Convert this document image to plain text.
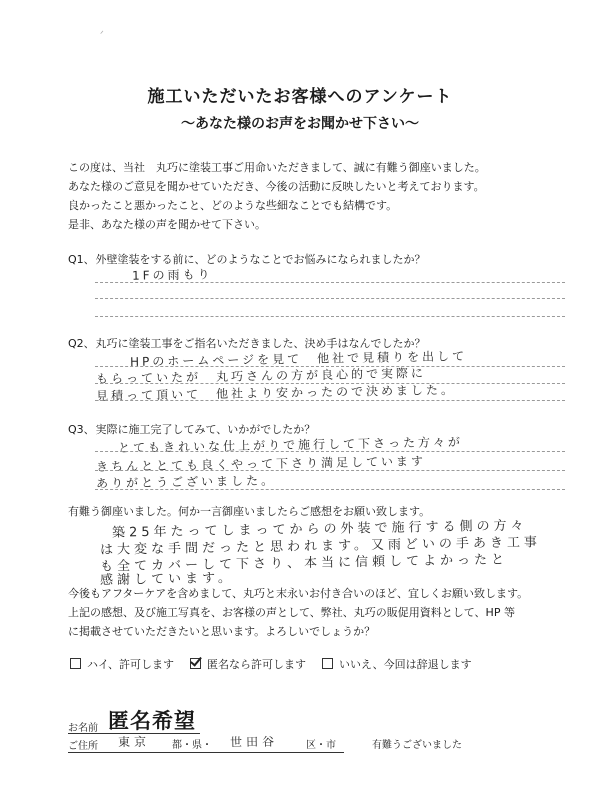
ᐟ
施工いただいたお客様へのアンケート
～あなた様のお声をお聞かせ下さい～
この度は、当社　丸巧に塗装工事ご用命いただきまして、誠に有難う御座いました。
あなた様のご意見を聞かせていただき、今後の活動に反映したいと考えております。
良かったこと悪かったこと、どのような些細なことでも結構です。
是非、あなた様の声を聞かせて下さい。
Q1、 外壁塗装をする前に、どのようなことでお悩みになられましたか？
1Fの雨もり
Q2、 丸巧に塗装工事をご指名いただきました、決め手はなんでしたか？
HPのホームページを見て　他社で見積りを出して
もらっていたが　丸巧さんの方が良心的で実際に
見積って頂いて　他社より安かったので決めました。
Q3、 実際に施工完了してみて、いかがでしたか？
とてもきれいな仕上がりで施行して下さった方々が
きちんととても良くやって下さり満足しています
ありがとうございました。
有難う御座いました。何か一言御座いましたらご感想をお願い致します。
築25年たってしまってからの外装で施行する側の方々
は大変な手間だったと思われます。又雨どいの手あき工事
も全てカバーして下さり、本当に信頼してよかったと
感謝しています。
今後もアフターケアを含めまして、丸巧と末永いお付き合いのほど、宜しくお願い致します。
上記の感想、及び施工写真を、お客様の声として、弊社、丸巧の販促用資料として、HP 等
に掲載させていただきたいと思います。よろしいでしょうか？
ハイ、許可します	匿名なら許可します	いいえ、今回は辞退します
お名前 匿名希望
ご住所 東京 都・県・ 世田谷	区・市	有難うございました
